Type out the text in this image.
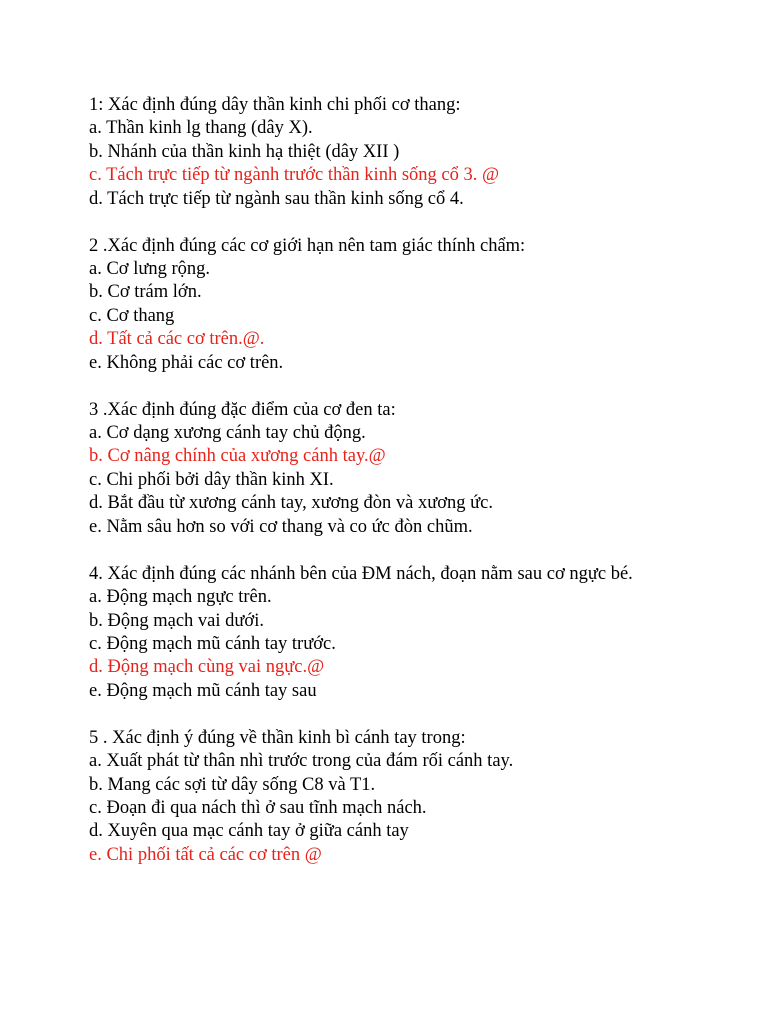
1: Xác định đúng dây thần kinh chi phối cơ thang:
a. Thần kinh lg thang (dây X).
b. Nhánh của thần kinh hạ thiệt (dây XII )
c. Tách trực tiếp từ ngành trước thần kinh sống cổ 3. @
d. Tách trực tiếp từ ngành sau thần kinh sống cổ 4.
2 .Xác định đúng các cơ giới hạn nên tam giác thính chẩm:
a. Cơ lưng rộng.
b. Cơ trám lớn.
c. Cơ thang
d. Tất cả các cơ trên.@.
e. Không phải các cơ trên.
3 .Xác định đúng đặc điểm của cơ đen ta:
a. Cơ dạng xương cánh tay chủ động.
b. Cơ nâng chính của xương cánh tay.@
c. Chi phối bởi dây thần kinh XI.
d. Bắt đầu từ xương cánh tay, xương đòn và xương ức.
e. Nằm sâu hơn so với cơ thang và co ức đòn chũm.
4. Xác định đúng các nhánh bên của ĐM nách, đoạn nằm sau cơ ngực bé.
a. Động mạch ngực trên.
b. Động mạch vai dưới.
c. Động mạch mũ cánh tay trước.
d. Động mạch cùng vai ngực.@
e. Động mạch mũ cánh tay sau
5 . Xác định ý đúng về thần kinh bì cánh tay trong:
a. Xuất phát từ thân nhì trước trong của đám rối cánh tay.
b. Mang các sợi từ dây sống C8 và T1.
c. Đoạn đi qua nách thì ở sau tĩnh mạch nách.
d. Xuyên qua mạc cánh tay ở giữa cánh tay
e. Chi phối tất cả các cơ trên @
